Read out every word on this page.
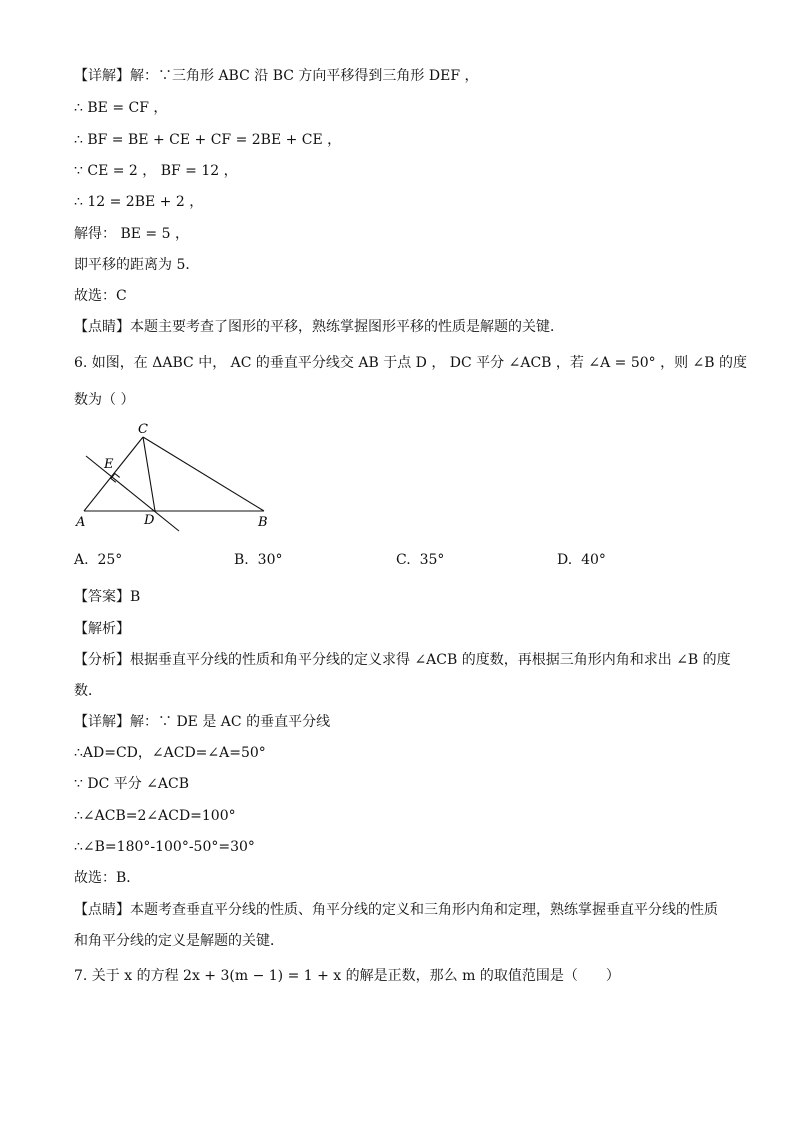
【详解】解：∵三角形 ABC 沿 BC 方向平移得到三角形 DEF ，
∴ BE = CF ，
∴ BF = BE + CE + CF = 2BE + CE ，
∵ CE = 2 ， BF = 12 ，
∴ 12 = 2BE + 2 ，
解得： BE = 5 ，
即平移的距离为 5．
故选：C
【点睛】本题主要考查了图形的平移，熟练掌握图形平移的性质是解题的关键．
6. 如图，在 ΔABC 中， AC 的垂直平分线交 AB 于点 D ， DC 平分 ∠ACB ，若 ∠A = 50° ，则 ∠B 的度
数为（ ）
C
E
A	D	B
A. 25°	B. 30°	C. 35°	D. 40°
【答案】B
【解析】
【分析】根据垂直平分线的性质和角平分线的定义求得 ∠ACB 的度数，再根据三角形内角和求出 ∠B 的度
数．
【详解】解：∵ DE 是 AC 的垂直平分线
∴AD=CD，∠ACD=∠A=50°
∵ DC 平分 ∠ACB
∴∠ACB=2∠ACD=100°
∴∠B=180°-100°-50°=30°
故选：B．
【点睛】本题考查垂直平分线的性质、角平分线的定义和三角形内角和定理，熟练掌握垂直平分线的性质
和角平分线的定义是解题的关键．
7. 关于 x 的方程 2x + 3(m − 1) = 1 + x 的解是正数，那么 m 的取值范围是（　　）
